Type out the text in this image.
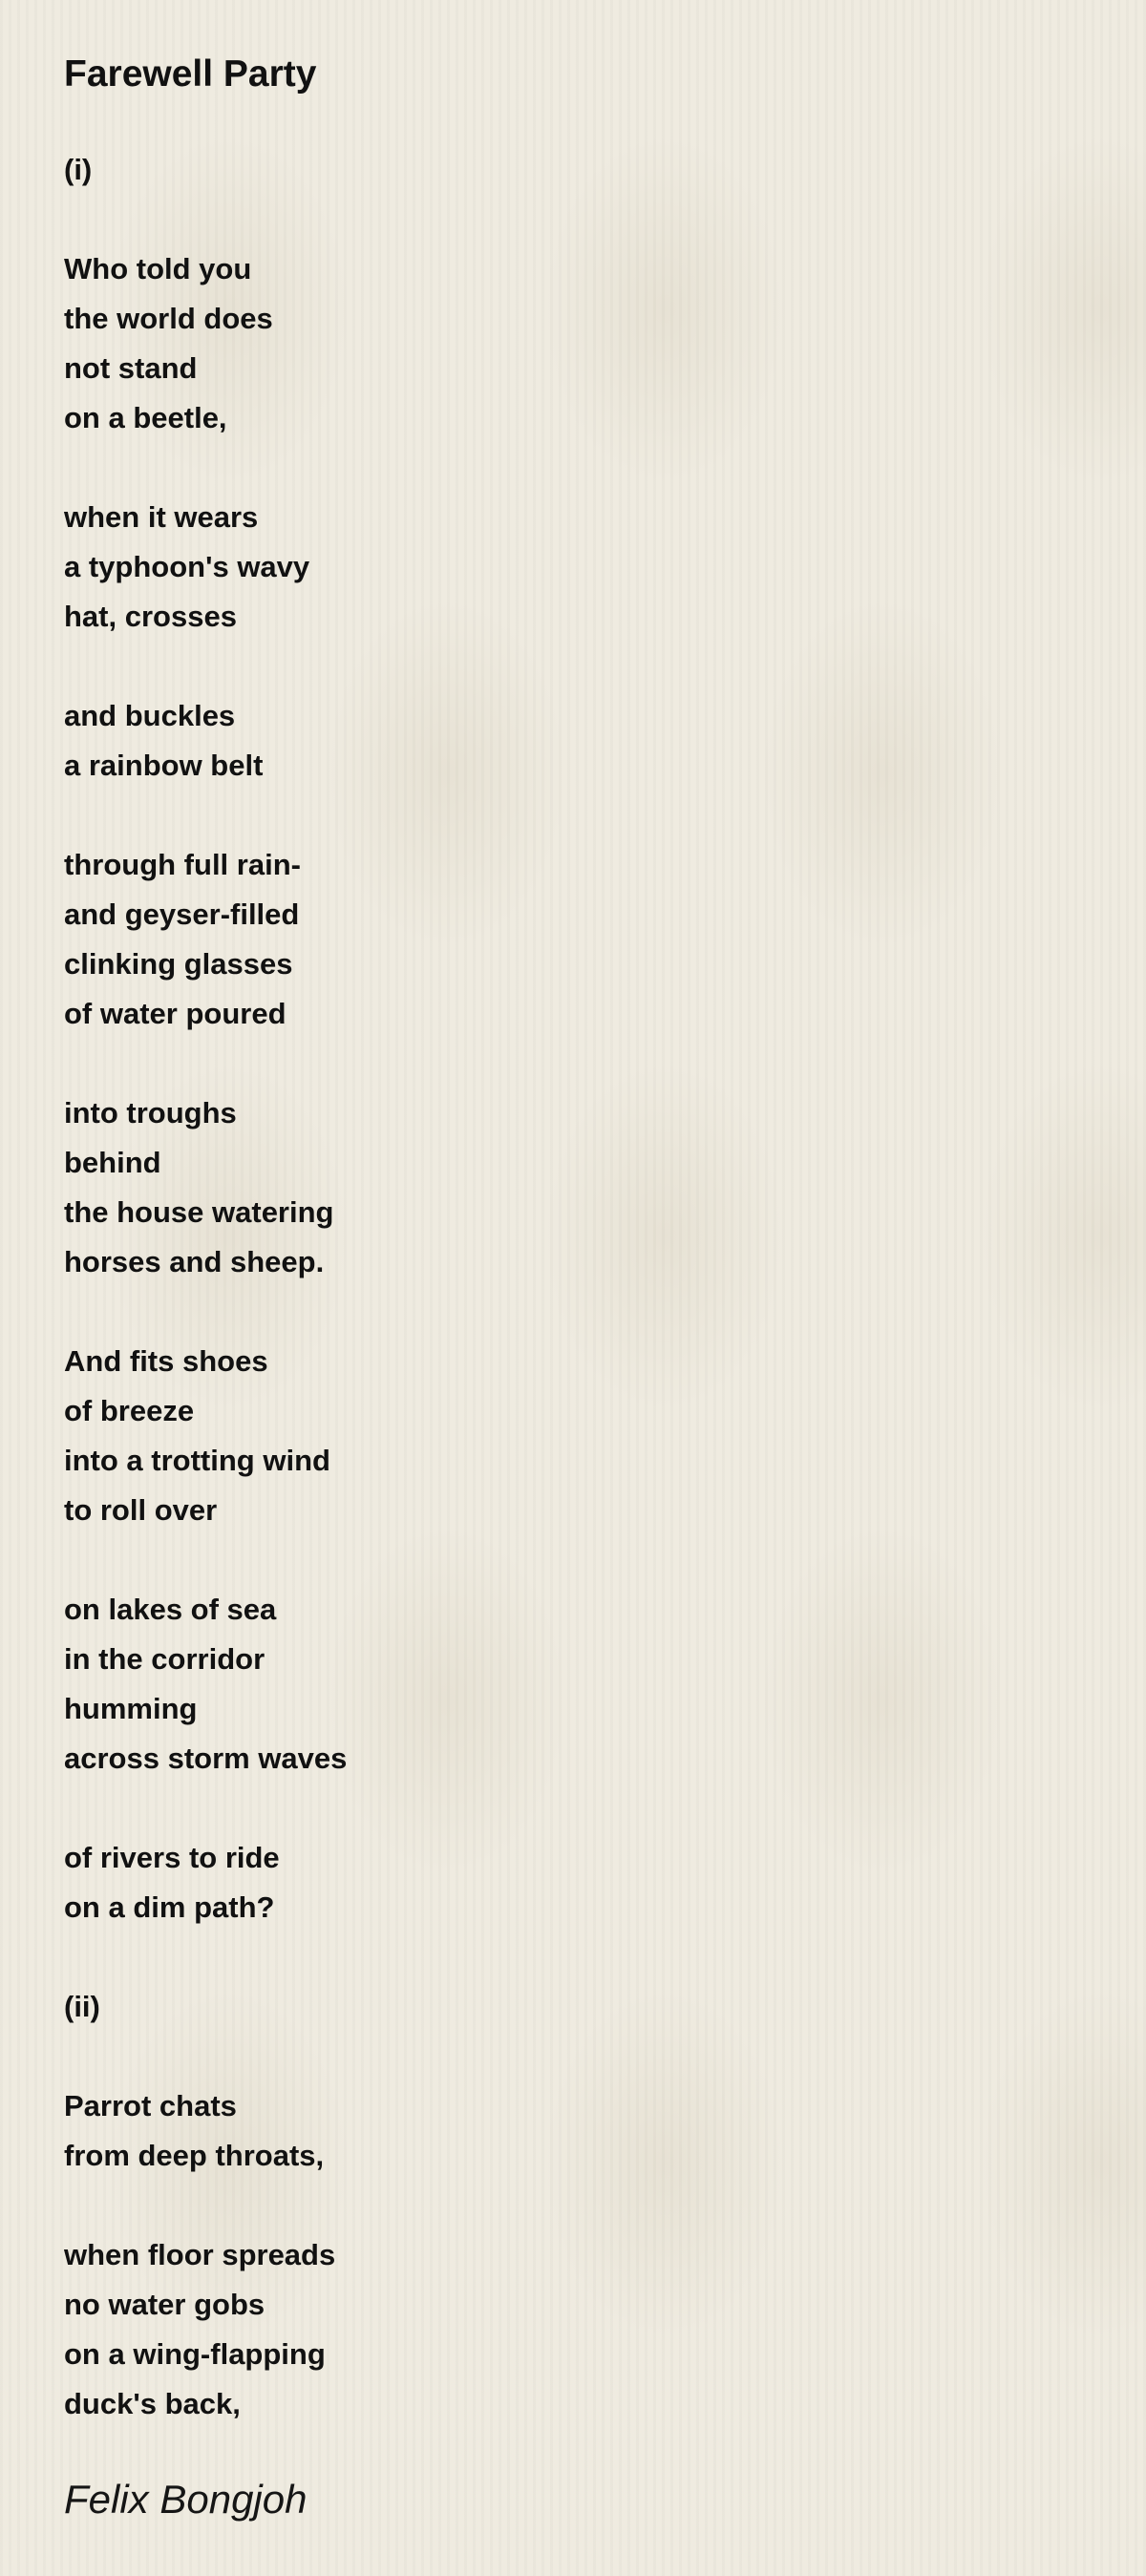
Farewell Party
(i)
Who told you
the world does
not stand
on a beetle,
when it wears
a typhoon's wavy
hat, crosses
and buckles
a rainbow belt
through full rain-
and geyser-filled
clinking glasses
of water poured
into troughs
behind
the house watering
horses and sheep.
And fits shoes
of breeze
into a trotting wind
to roll over
on lakes of sea
in the corridor
humming
across storm waves
of rivers to ride
on a dim path?
(ii)
Parrot chats
from deep throats,
when floor spreads
no water gobs
on a wing-flapping
duck's back,
Felix Bongjoh
